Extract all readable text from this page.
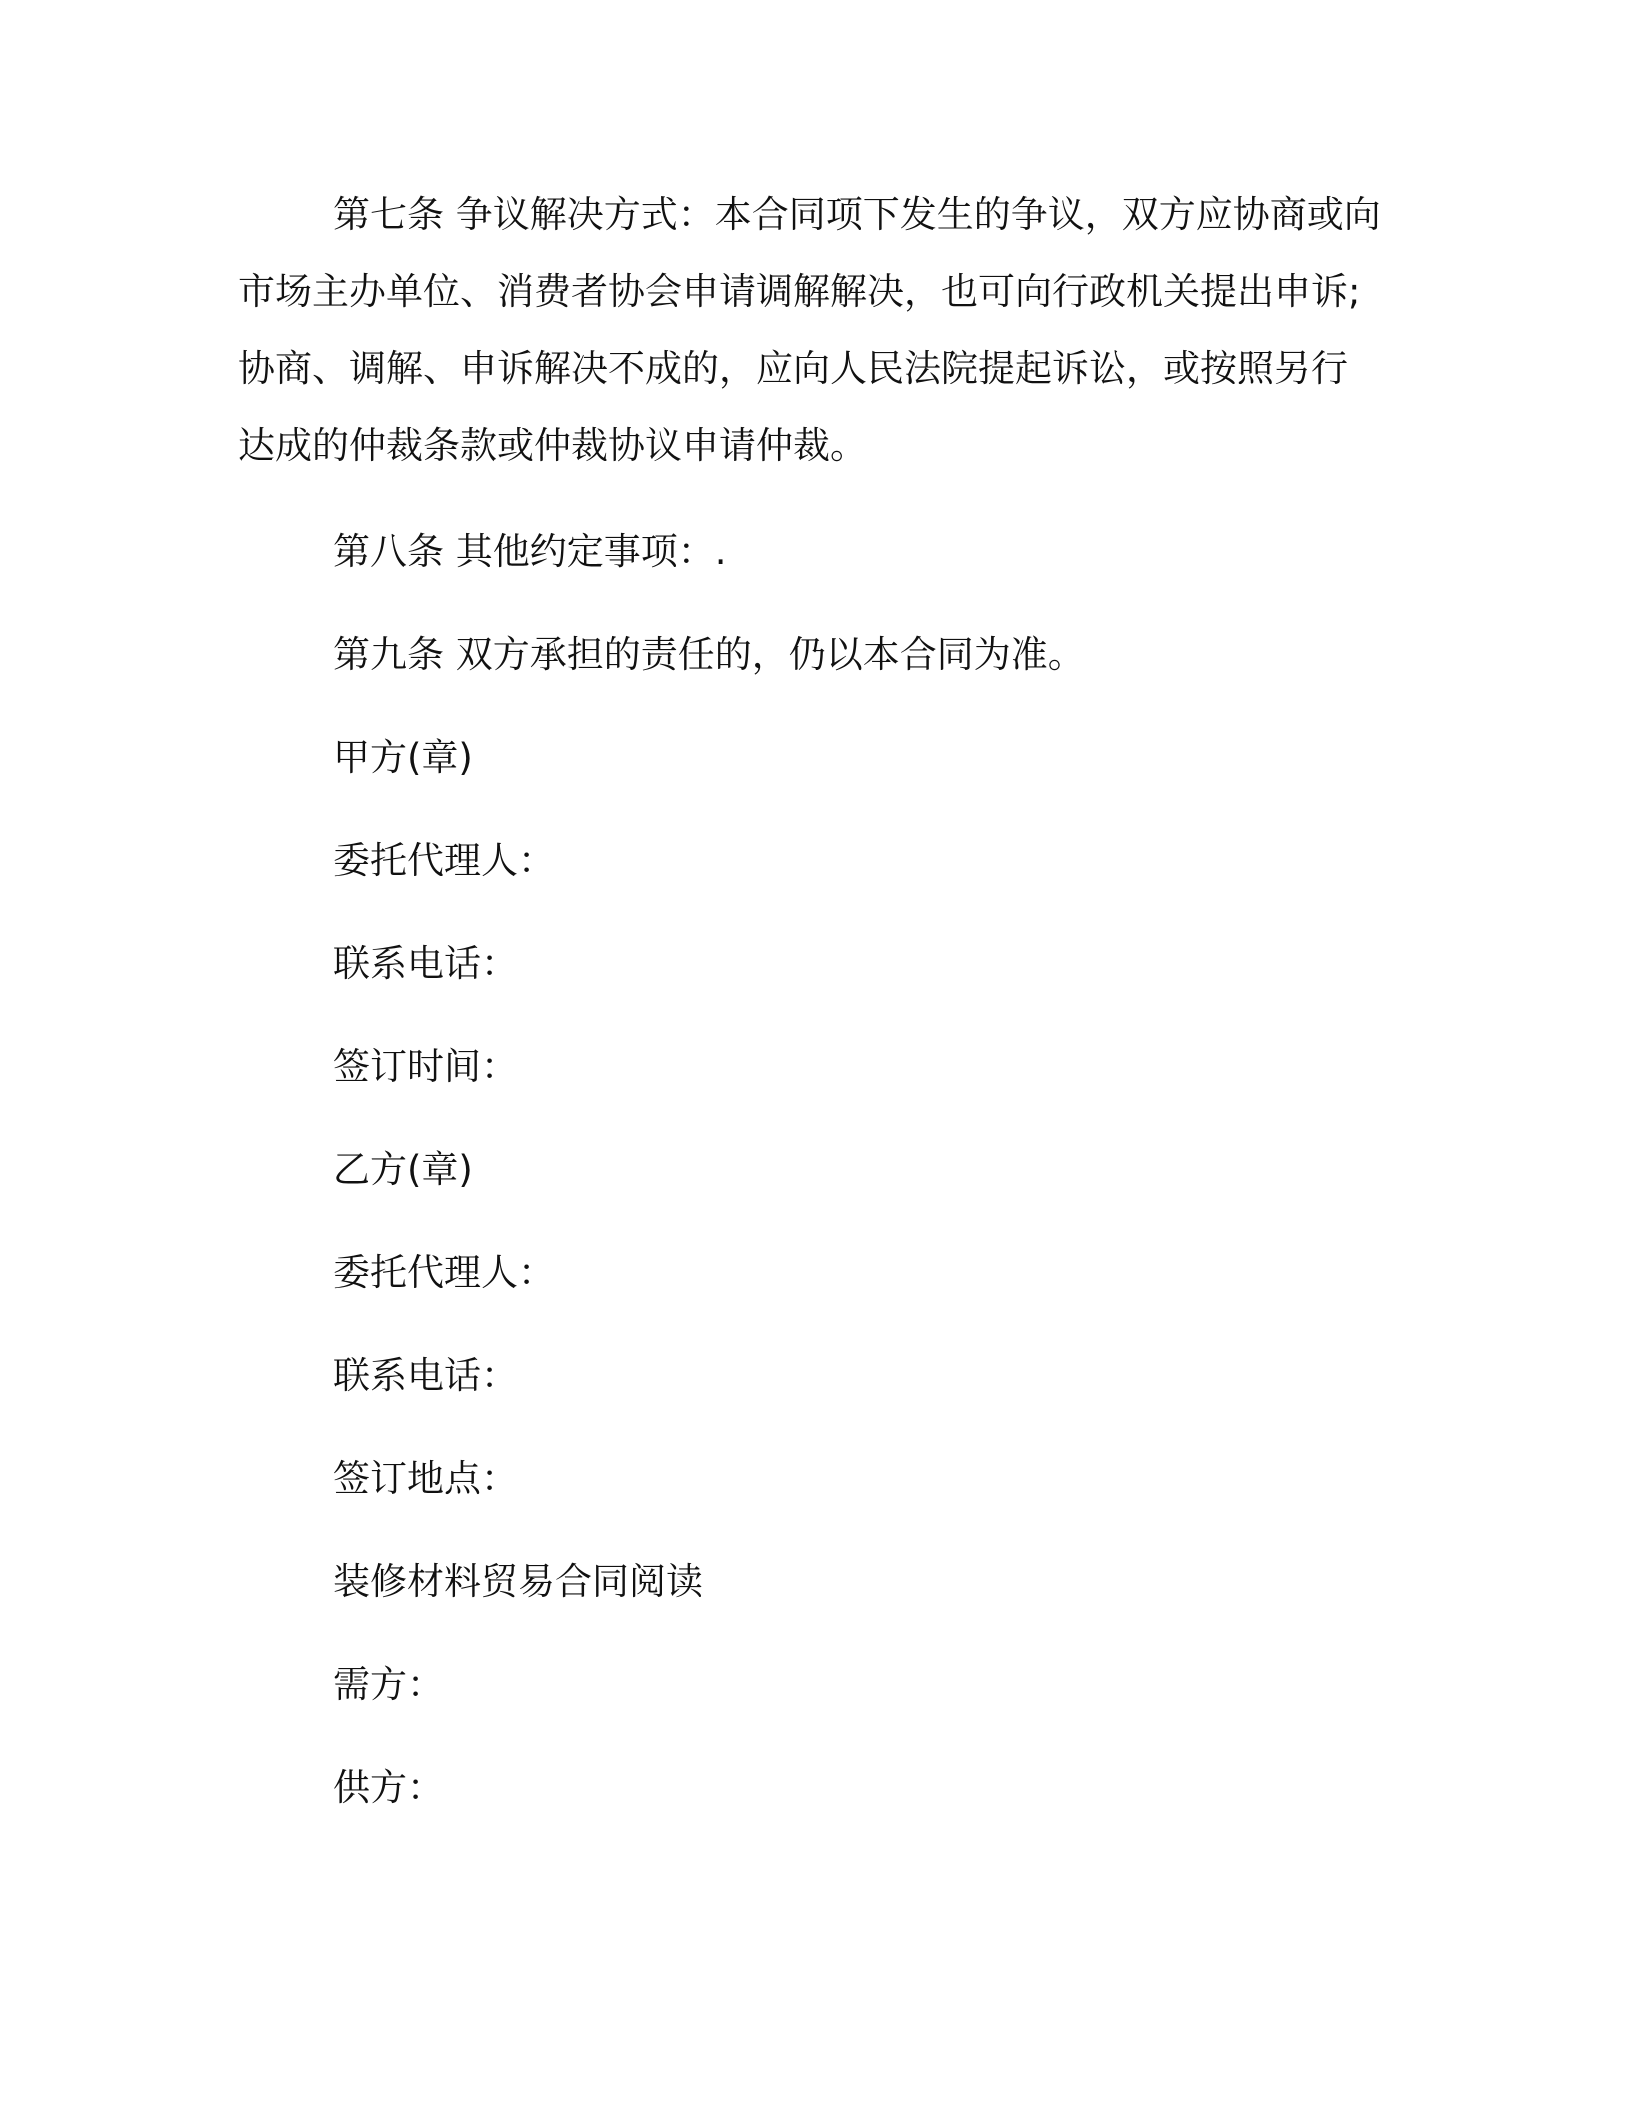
第七条 争议解决方式：本合同项下发生的争议，双方应协商或向
市场主办单位、消费者协会申请调解解决，也可向行政机关提出申诉;
协商、调解、申诉解决不成的，应向人民法院提起诉讼，或按照另行
达成的仲裁条款或仲裁协议申请仲裁。

第八条 其他约定事项：.

第九条 双方承担的责任的，仍以本合同为准。

甲方(章)

委托代理人：

联系电话：

签订时间：

乙方(章)

委托代理人：

联系电话：

签订地点：

装修材料贸易合同阅读

需方：

供方：
